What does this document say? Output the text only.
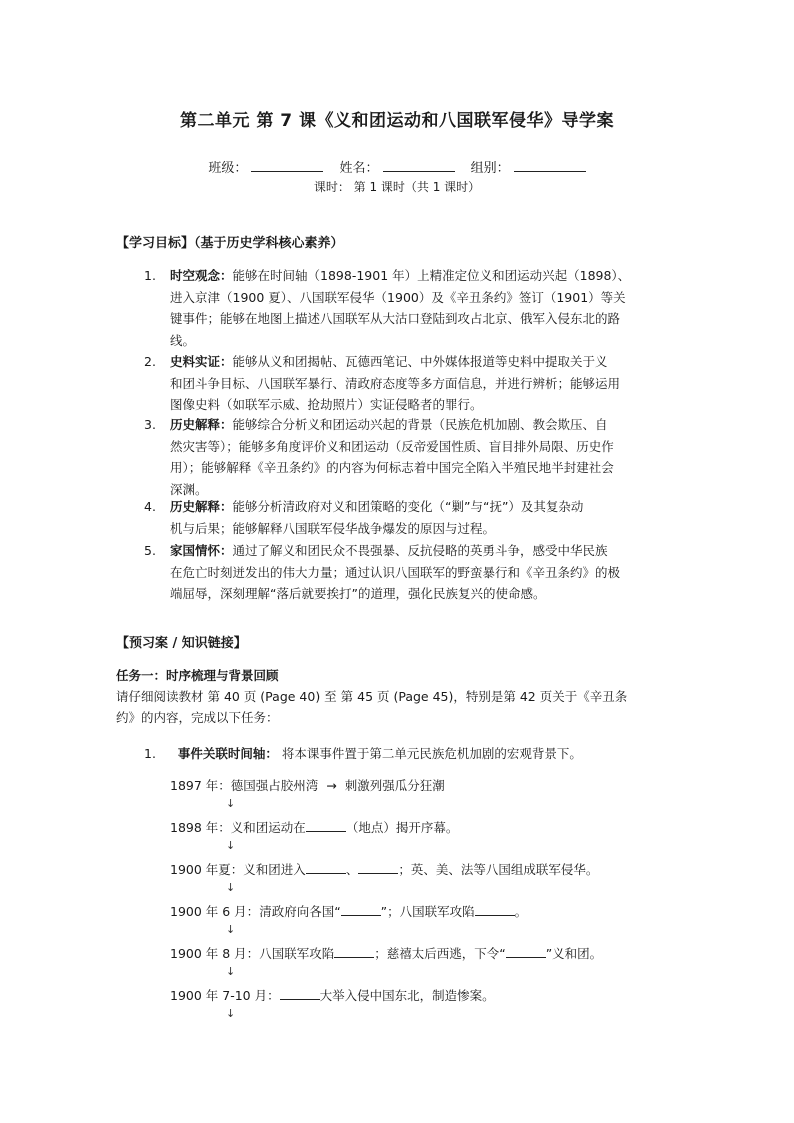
第二单元 第 7 课《义和团运动和八国联军侵华》导学案
班级：	姓名：	组别：
课时： 第 1 课时（共 1 课时）
【学习目标】（基于历史学科核心素养）
1. 时空观念：能够在时间轴（1898-1901 年）上精准定位义和团运动兴起（1898）、
进入京津（1900 夏）、八国联军侵华（1900）及《辛丑条约》签订（1901）等关
键事件；能够在地图上描述八国联军从大沽口登陆到攻占北京、俄军入侵东北的路
线。
2. 史料实证：能够从义和团揭帖、瓦德西笔记、中外媒体报道等史料中提取关于义
和团斗争目标、八国联军暴行、清政府态度等多方面信息，并进行辨析；能够运用
图像史料（如联军示威、抢劫照片）实证侵略者的罪行。
3. 历史解释：能够综合分析义和团运动兴起的背景（民族危机加剧、教会欺压、自
然灾害等）；能够多角度评价义和团运动（反帝爱国性质、盲目排外局限、历史作
用）；能够解释《辛丑条约》的内容为何标志着中国完全陷入半殖民地半封建社会
深渊。
4. 历史解释：能够分析清政府对义和团策略的变化（“剿”与“抚”）及其复杂动
机与后果；能够解释八国联军侵华战争爆发的原因与过程。
5. 家国情怀：通过了解义和团民众不畏强暴、反抗侵略的英勇斗争，感受中华民族
在危亡时刻迸发出的伟大力量；通过认识八国联军的野蛮暴行和《辛丑条约》的极
端屈辱，深刻理解“落后就要挨打”的道理，强化民族复兴的使命感。
【预习案 / 知识链接】
任务一：时序梳理与背景回顾
请仔细阅读教材 第 40 页 (Page 40) 至 第 45 页 (Page 45)，特别是第 42 页关于《辛丑条
约》的内容，完成以下任务：
1. 事件关联时间轴： 将本课事件置于第二单元民族危机加剧的宏观背景下。
1897 年：德国强占胶州湾 → 刺激列强瓜分狂潮
↓
1898 年：义和团运动在	（地点）揭开序幕。
↓
1900 年夏：义和团进入	、	；英、美、法等八国组成联军侵华。
↓
1900 年 6 月：清政府向各国“	”；八国联军攻陷	。
↓
1900 年 8 月：八国联军攻陷	；慈禧太后西逃，下令“	”义和团。
↓
1900 年 7-10 月：	大举入侵中国东北，制造惨案。
↓
